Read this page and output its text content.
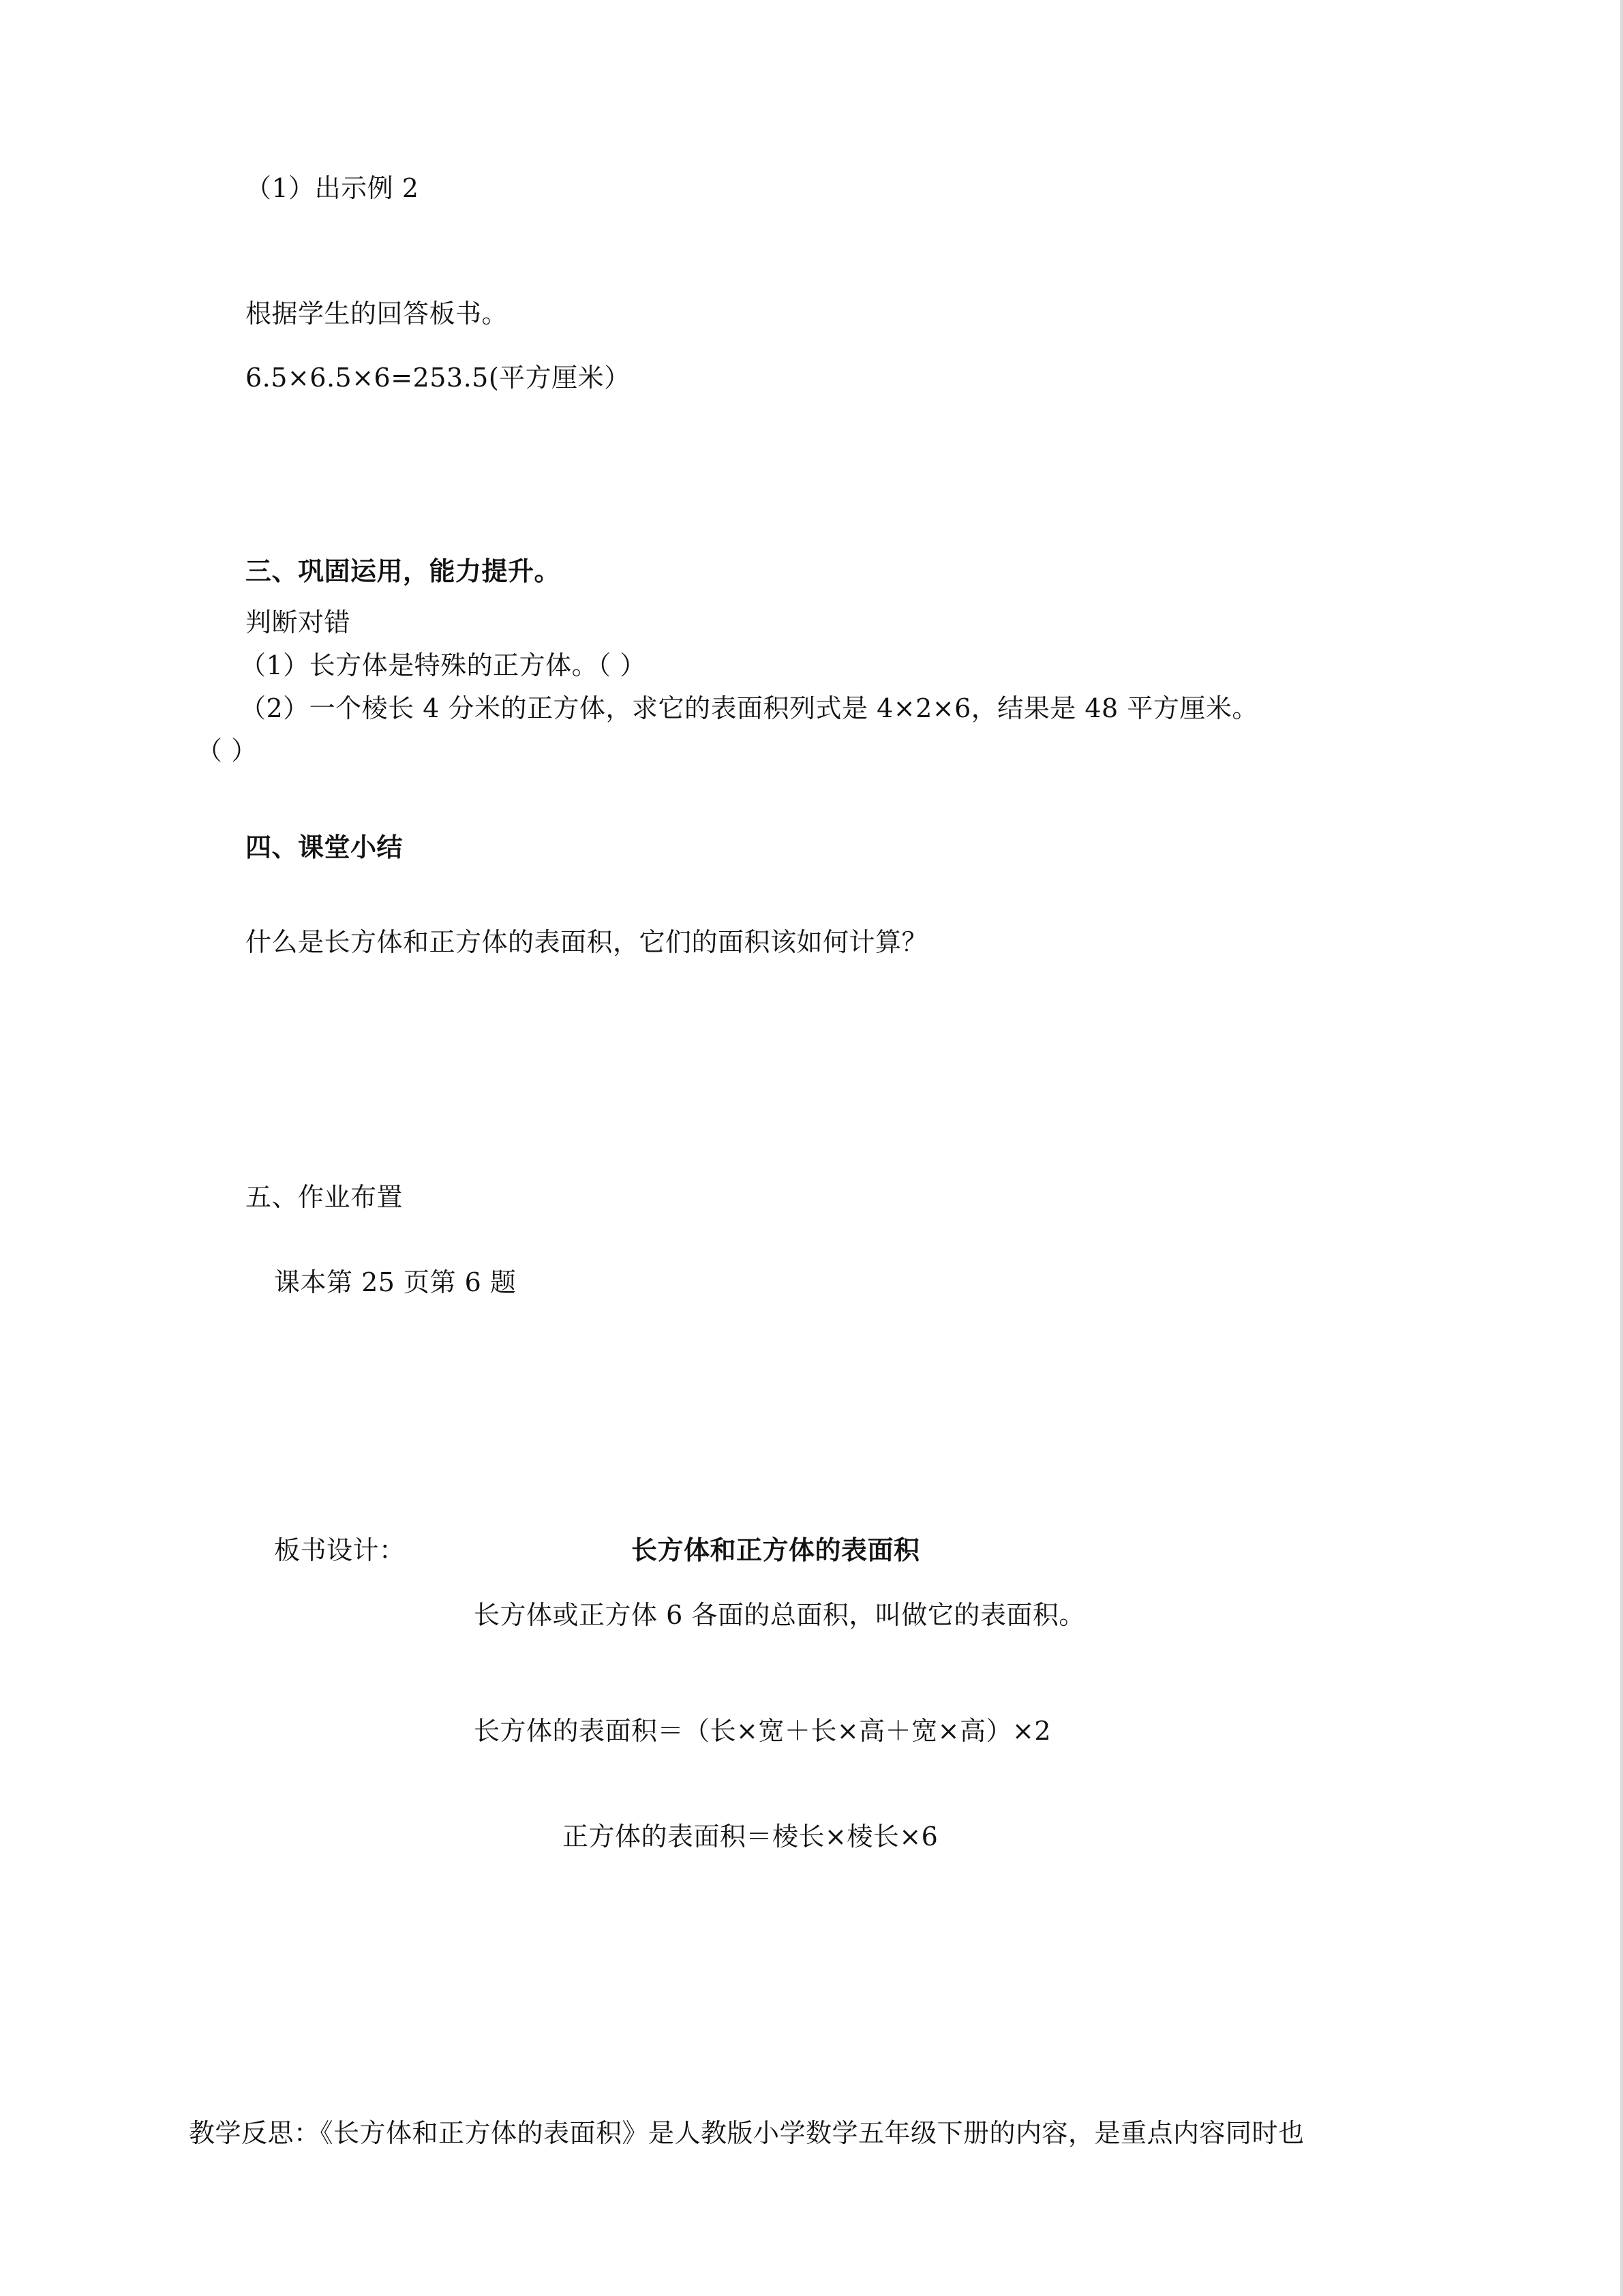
（1）出示例 2
根据学生的回答板书。
6.5×6.5×6=253.5(平方厘米）
三、巩固运用，能力提升。
判断对错
（1）长方体是特殊的正方体。（ ）
（2）一个棱长 4 分米的正方体，求它的表面积列式是 4×2×6，结果是 48 平方厘米。
（ ）
四、课堂小结
什么是长方体和正方体的表面积，它们的面积该如何计算？
五、作业布置
课本第 25 页第 6 题
板书设计：	长方体和正方体的表面积
长方体或正方体 6 各面的总面积，叫做它的表面积。
长方体的表面积＝（长×宽＋长×高＋宽×高）×2
正方体的表面积＝棱长×棱长×6
教学反思：《长方体和正方体的表面积》是人教版小学数学五年级下册的内容，是重点内容同时也
